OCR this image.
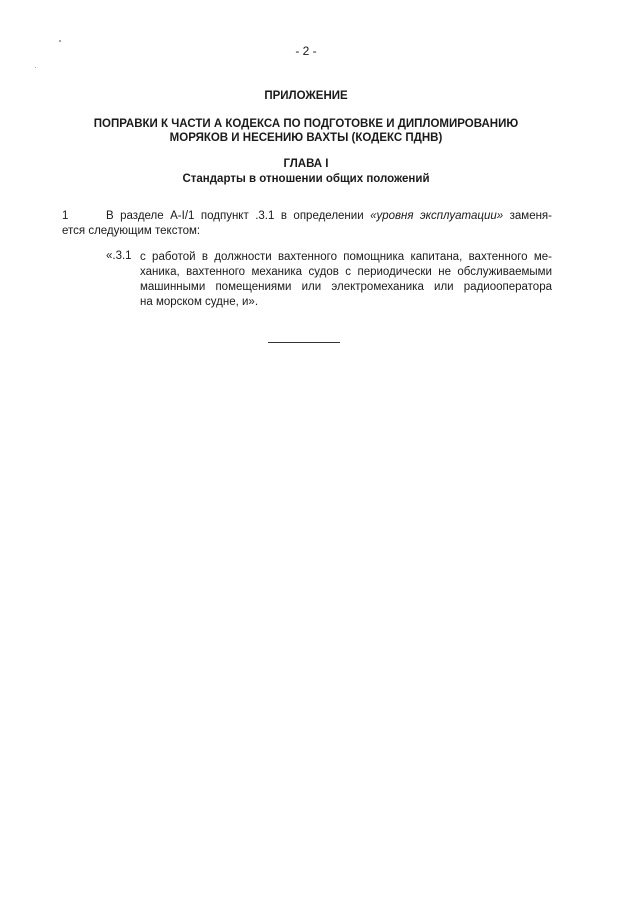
- 2 -
ПРИЛОЖЕНИЕ
ПОПРАВКИ К ЧАСТИ А КОДЕКСА ПО ПОДГОТОВКЕ И ДИПЛОМИРОВАНИЮ
МОРЯКОВ И НЕСЕНИЮ ВАХТЫ (КОДЕКС ПДНВ)
ГЛАВА I
Стандарты в отношении общих положений
1	В разделе A-I/1 подпункт .3.1 в определении «уровня эксплуатации» заменя-
ется следующим текстом:
«.3.1 с работой в должности вахтенного помощника капитана, вахтенного ме-
ханика, вахтенного механика судов с периодически не обслуживаемыми
машинными помещениями или электромеханика или радиооператора
на морском судне, и».
